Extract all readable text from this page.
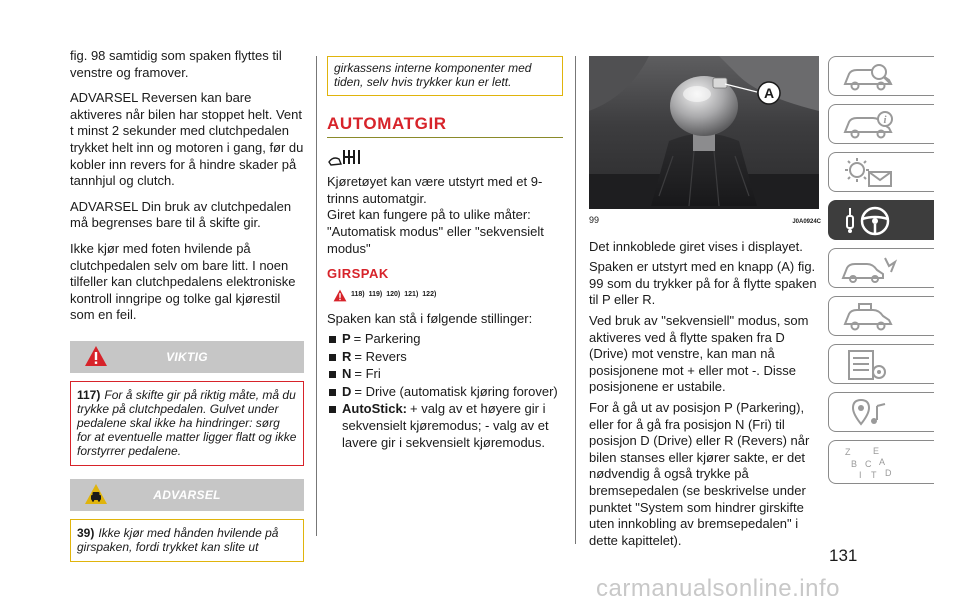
fig. 98 samtidig som spaken flyttes til venstre og framover.

ADVARSEL Reversen kan bare aktiveres når bilen har stoppet helt. Vent t minst 2 sekunder med clutchpedalen trykket helt inn og motoren i gang, før du kobler inn revers for å hindre skader på tannhjul og clutch.

ADVARSEL Din bruk av clutchpedalen må begrenses bare til å skifte gir.

Ikke kjør med foten hvilende på clutchpedalen selv om bare litt. I noen tilfeller kan clutchpedalens elektroniske kontroll inngripe og tolke gal kjørestil som en feil.

VIKTIG
117) For å skifte gir på riktig måte, må du trykke på clutchpedalen. Gulvet under pedalene skal ikke ha hindringer: sørg for at eventuelle matter ligger flatt og ikke forstyrrer pedalene.
ADVARSEL
39) Ikke kjør med hånden hvilende på girspaken, fordi trykket kan slite ut
girkassens interne komponenter med tiden, selv hvis trykker kun er lett.
AUTOMATGIR

Kjøretøyet kan være utstyrt med et 9-trinns automatgir.

Giret kan fungere på to ulike måter: "Automatisk modus" eller "sekvensielt modus"

GIRSPAK
118) 119) 120) 121) 122)

Spaken kan stå i følgende stillinger:

P = Parkering
R = Revers
N = Fri
D = Drive (automatisk kjøring forover)
AutoStick: + valg av et høyere gir i sekvensielt kjøremodus; - valg av et lavere gir i sekvensielt kjøremodus.
A
99	J0A0924C

Det innkoblede giret vises i displayet.

Spaken er utstyrt med en knapp (A) fig. 99 som du trykker på for å flytte spaken til P eller R.

Ved bruk av "sekvensiell" modus, som aktiveres ved å flytte spaken fra D (Drive) mot venstre, kan man nå posisjonene mot + eller mot -. Disse posisjonene er ustabile.

For å gå ut av posisjon P (Parkering), eller for å gå fra posisjon N (Fri) til posisjon D (Drive) eller R (Revers) når bilen stanses eller kjører sakte, er det nødvendig å også trykke på bremsepedalen (se beskrivelse under punktet "System som hindrer girskifte uten innkobling av bremsepedalen" i dette kapittelet).

i
Z	E
B A
I
C
T D
131
carmanualsonline.info
